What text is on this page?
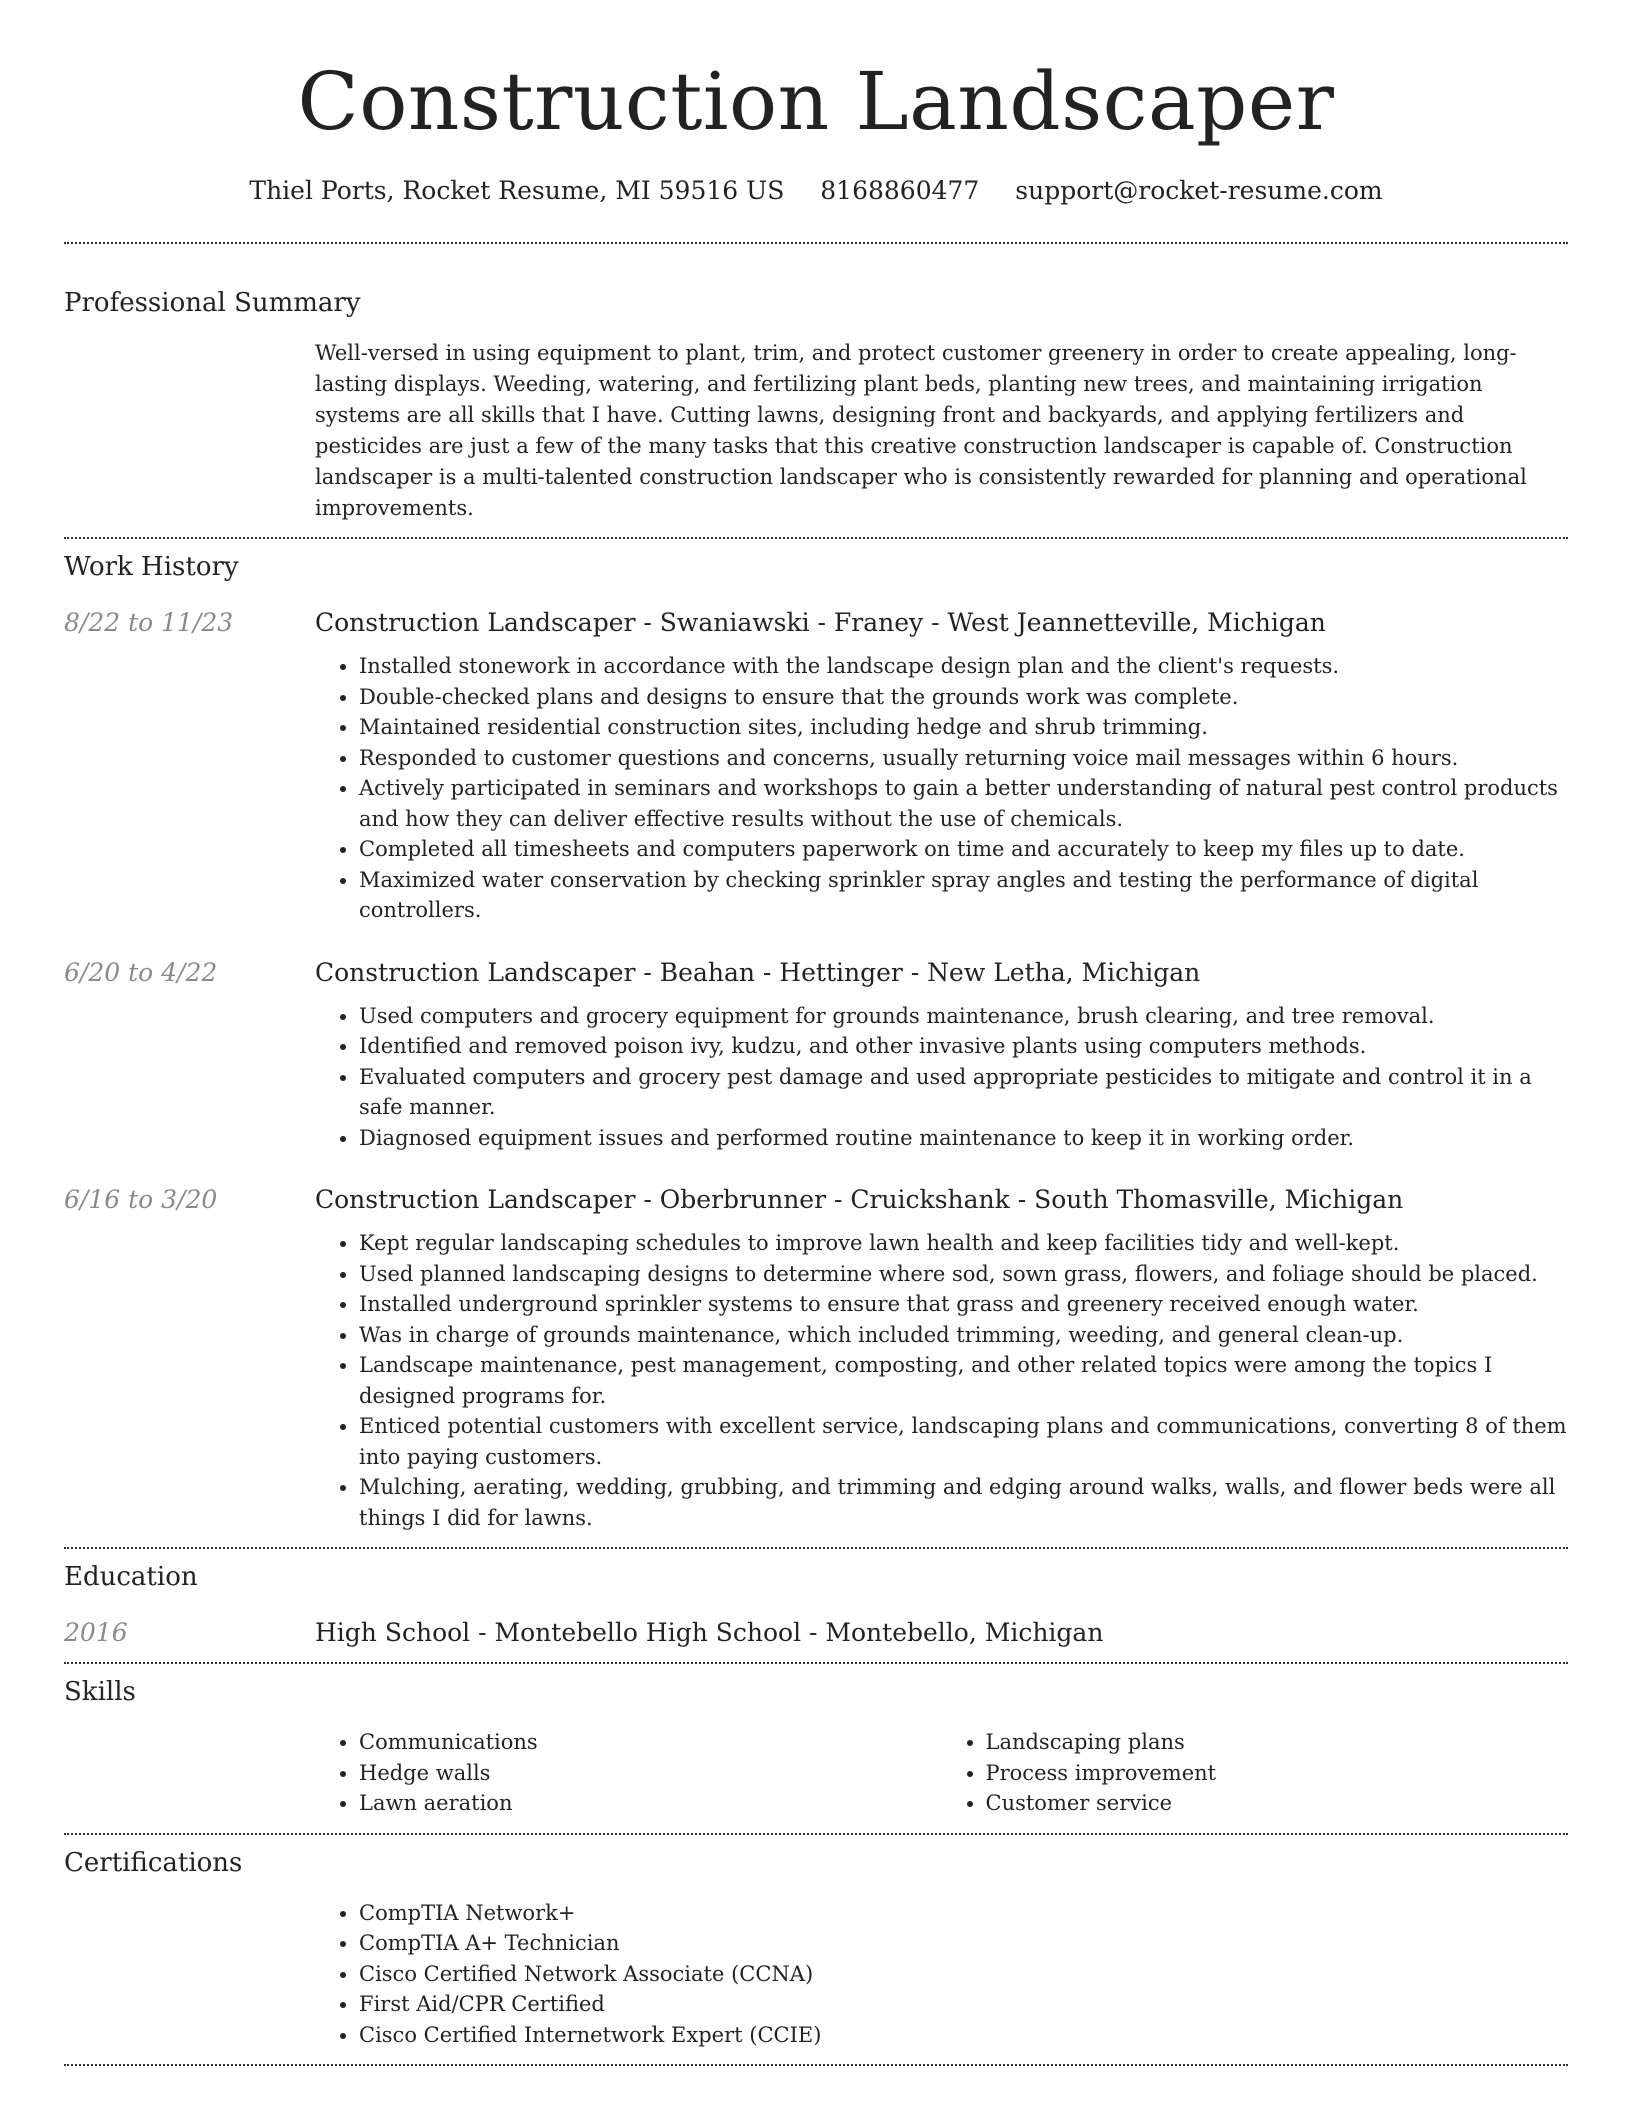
Construction Landscaper
Thiel Ports, Rocket Resume, MI 59516 US 8168860477 support@rocket-resume.com
Professional Summary

Well-versed in using equipment to plant, trim, and protect customer greenery in order to create appealing, long-lasting displays. Weeding, watering, and fertilizing plant beds, planting new trees, and maintaining irrigation systems are all skills that I have. Cutting lawns, designing front and backyards, and applying fertilizers and pesticides are just a few of the many tasks that this creative construction landscaper is capable of. Construction landscaper is a multi-talented construction landscaper who is consistently rewarded for planning and operational improvements.

Work History
8/22 to 11/23	Construction Landscaper - Swaniawski - Franey - West Jeannetteville, Michigan

• Installed stonework in accordance with the landscape design plan and the client's requests.
• Double-checked plans and designs to ensure that the grounds work was complete.
• Maintained residential construction sites, including hedge and shrub trimming.
• Responded to customer questions and concerns, usually returning voice mail messages within 6 hours.
• Actively participated in seminars and workshops to gain a better understanding of natural pest control products and how they can deliver effective results without the use of chemicals.
• Completed all timesheets and computers paperwork on time and accurately to keep my files up to date.
• Maximized water conservation by checking sprinkler spray angles and testing the performance of digital controllers.
6/20 to 4/22	Construction Landscaper - Beahan - Hettinger - New Letha, Michigan

• Used computers and grocery equipment for grounds maintenance, brush clearing, and tree removal.
• Identified and removed poison ivy, kudzu, and other invasive plants using computers methods.
• Evaluated computers and grocery pest damage and used appropriate pesticides to mitigate and control it in a safe manner.
• Diagnosed equipment issues and performed routine maintenance to keep it in working order.
6/16 to 3/20	Construction Landscaper - Oberbrunner - Cruickshank - South Thomasville, Michigan

• Kept regular landscaping schedules to improve lawn health and keep facilities tidy and well-kept.
• Used planned landscaping designs to determine where sod, sown grass, flowers, and foliage should be placed.
• Installed underground sprinkler systems to ensure that grass and greenery received enough water.
• Was in charge of grounds maintenance, which included trimming, weeding, and general clean-up.
• Landscape maintenance, pest management, composting, and other related topics were among the topics I designed programs for.
• Enticed potential customers with excellent service, landscaping plans and communications, converting 8 of them into paying customers.
• Mulching, aerating, wedding, grubbing, and trimming and edging around walks, walls, and flower beds were all things I did for lawns.
Education
2016	High School - Montebello High School - Montebello, Michigan

Skills
• Communications
• Hedge walls
• Lawn aeration
• Landscaping plans
• Process improvement
• Customer service
Certifications
• CompTIA Network+
• CompTIA A+ Technician
• Cisco Certified Network Associate (CCNA)
• First Aid/CPR Certified
• Cisco Certified Internetwork Expert (CCIE)
